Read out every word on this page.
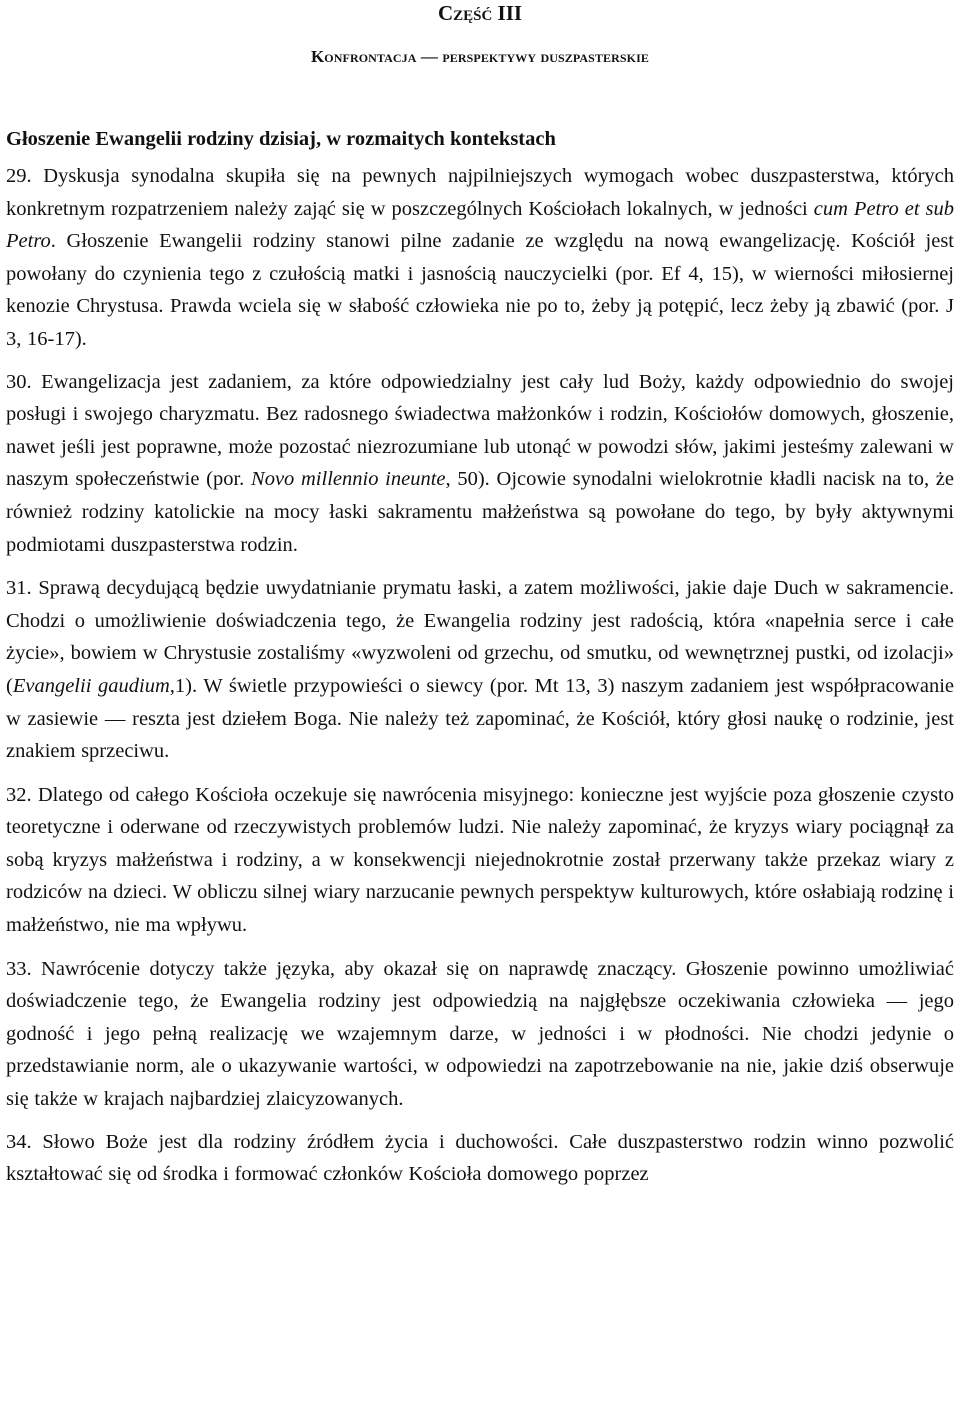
Część III
Konfrontacja — perspektywy duszpasterskie
Głoszenie Ewangelii rodziny dzisiaj, w rozmaitych kontekstach

29. Dyskusja synodalna skupiła się na pewnych najpilniejszych wymogach wobec duszpasterstwa, których konkretnym rozpatrzeniem należy zająć się w poszczególnych Kościołach lokalnych, w jedności cum Petro et sub Petro. Głoszenie Ewangelii rodziny stanowi pilne zadanie ze względu na nową ewangelizację. Kościół jest powołany do czynienia tego z czułością matki i jasnością nauczycielki (por. Ef 4, 15), w wierności miłosiernej kenozie Chrystusa. Prawda wciela się w słabość człowieka nie po to, żeby ją potępić, lecz żeby ją zbawić (por. J 3, 16-17).

30. Ewangelizacja jest zadaniem, za które odpowiedzialny jest cały lud Boży, każdy odpowiednio do swojej posługi i swojego charyzmatu. Bez radosnego świadectwa małżonków i rodzin, Kościołów domowych, głoszenie, nawet jeśli jest poprawne, może pozostać niezrozumiane lub utonąć w powodzi słów, jakimi jesteśmy zalewani w naszym społeczeństwie (por. Novo millennio ineunte, 50). Ojcowie synodalni wielokrotnie kładli nacisk na to, że również rodziny katolickie na mocy łaski sakramentu małżeństwa są powołane do tego, by były aktywnymi podmiotami duszpasterstwa rodzin.

31. Sprawą decydującą będzie uwydatnianie prymatu łaski, a zatem możliwości, jakie daje Duch w sakramencie. Chodzi o umożliwienie doświadczenia tego, że Ewangelia rodziny jest radością, która «napełnia serce i całe życie», bowiem w Chrystusie zostaliśmy «wyzwoleni od grzechu, od smutku, od wewnętrznej pustki, od izolacji» (Evangelii gaudium,1). W świetle przypowieści o siewcy (por. Mt 13, 3) naszym zadaniem jest współpracowanie w zasiewie — reszta jest dziełem Boga. Nie należy też zapominać, że Kościół, który głosi naukę o rodzinie, jest znakiem sprzeciwu.

32. Dlatego od całego Kościoła oczekuje się nawrócenia misyjnego: konieczne jest wyjście poza głoszenie czysto teoretyczne i oderwane od rzeczywistych problemów ludzi. Nie należy zapominać, że kryzys wiary pociągnął za sobą kryzys małżeństwa i rodziny, a w konsekwencji niejednokrotnie został przerwany także przekaz wiary z rodziców na dzieci. W obliczu silnej wiary narzucanie pewnych perspektyw kulturowych, które osłabiają rodzinę i małżeństwo, nie ma wpływu.

33. Nawrócenie dotyczy także języka, aby okazał się on naprawdę znaczący. Głoszenie powinno umożliwiać doświadczenie tego, że Ewangelia rodziny jest odpowiedzią na najgłębsze oczekiwania człowieka — jego godność i jego pełną realizację we wzajemnym darze, w jedności i w płodności. Nie chodzi jedynie o przedstawianie norm, ale o ukazywanie wartości, w odpowiedzi na zapotrzebowanie na nie, jakie dziś obserwuje się także w krajach najbardziej zlaicyzowanych.

34. Słowo Boże jest dla rodziny źródłem życia i duchowości. Całe duszpasterstwo rodzin winno pozwolić kształtować się od środka i formować członków Kościoła domowego poprzez
